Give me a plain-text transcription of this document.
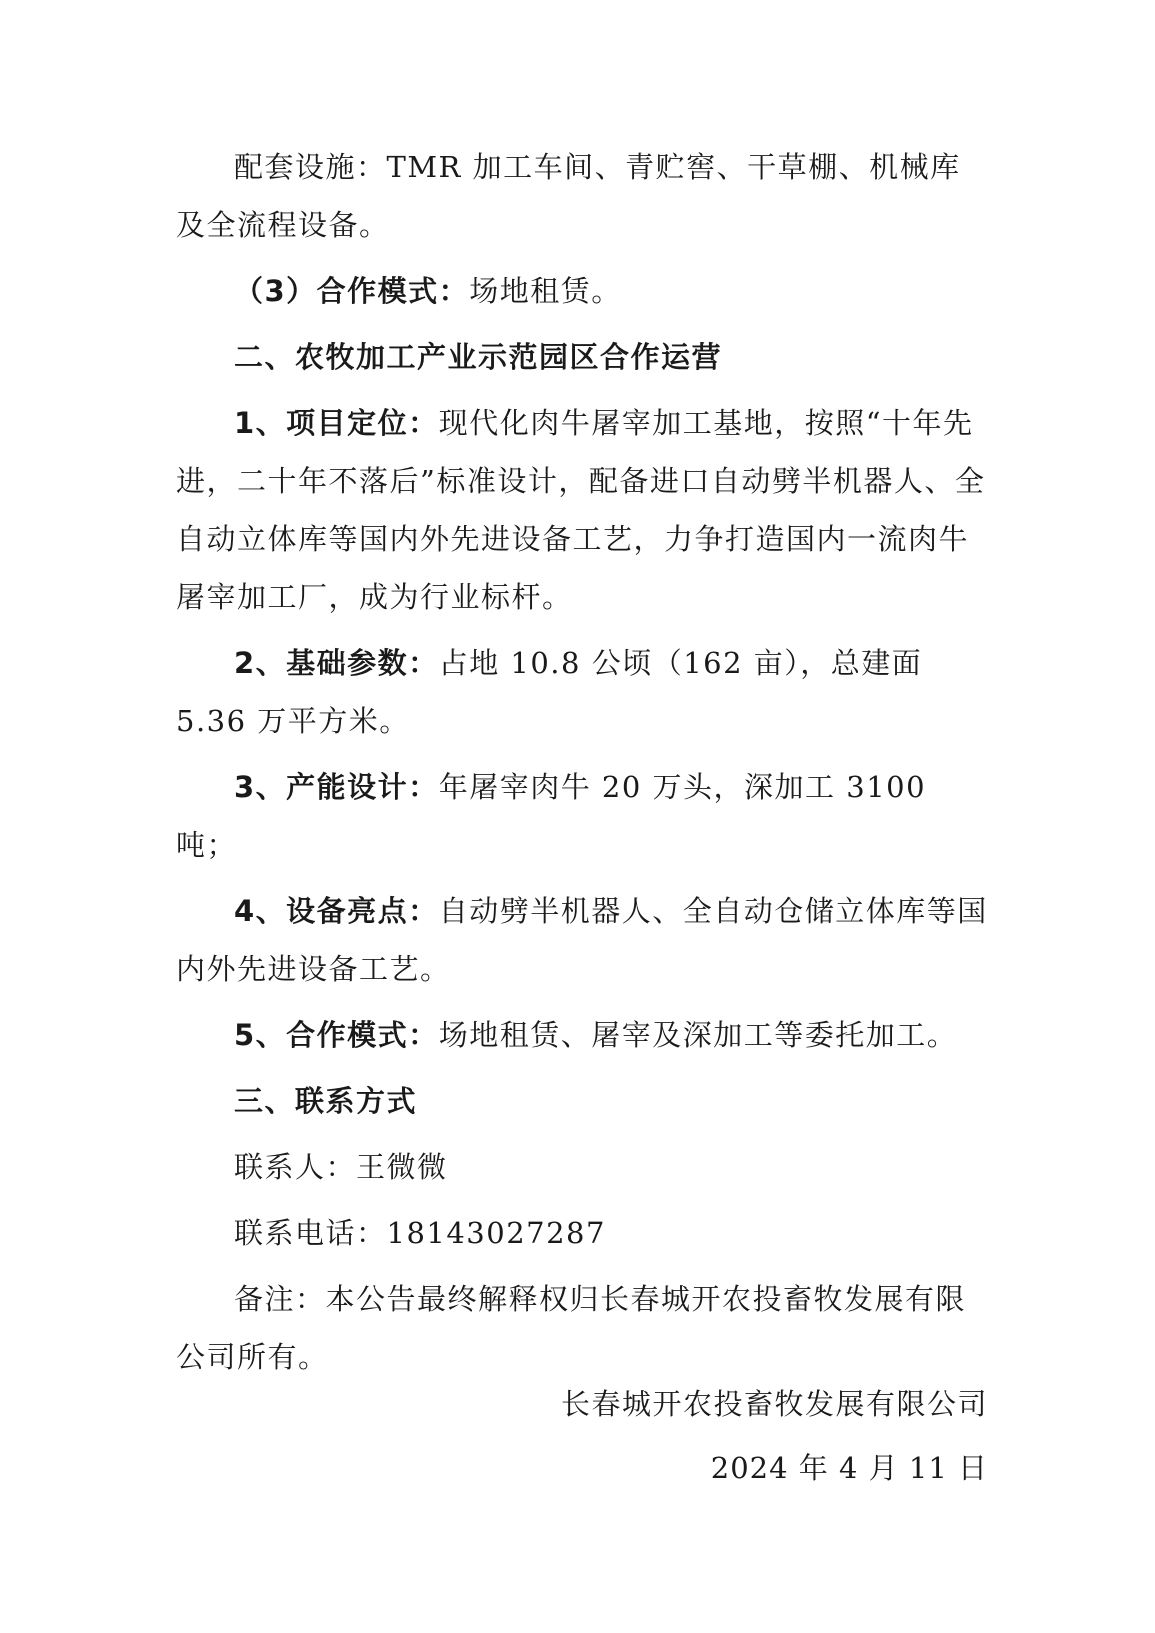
配套设施：TMR 加工车间、青贮窖、干草棚、机械库及全流程设备。

（3）合作模式：场地租赁。

二、农牧加工产业示范园区合作运营

1、项目定位：现代化肉牛屠宰加工基地，按照“十年先进，二十年不落后”标准设计，配备进口自动劈半机器人、全自动立体库等国内外先进设备工艺，力争打造国内一流肉牛屠宰加工厂，成为行业标杆。

2、基础参数：占地 10.8 公顷（162 亩），总建面 5.36 万平方米。

3、产能设计：年屠宰肉牛 20 万头，深加工 3100 吨；

4、设备亮点：自动劈半机器人、全自动仓储立体库等国内外先进设备工艺。

5、合作模式：场地租赁、屠宰及深加工等委托加工。

三、联系方式

联系人：王微微

联系电话：18143027287

备注：本公告最终解释权归长春城开农投畜牧发展有限公司所有。

长春城开农投畜牧发展有限公司
2024 年 4 月 11 日
